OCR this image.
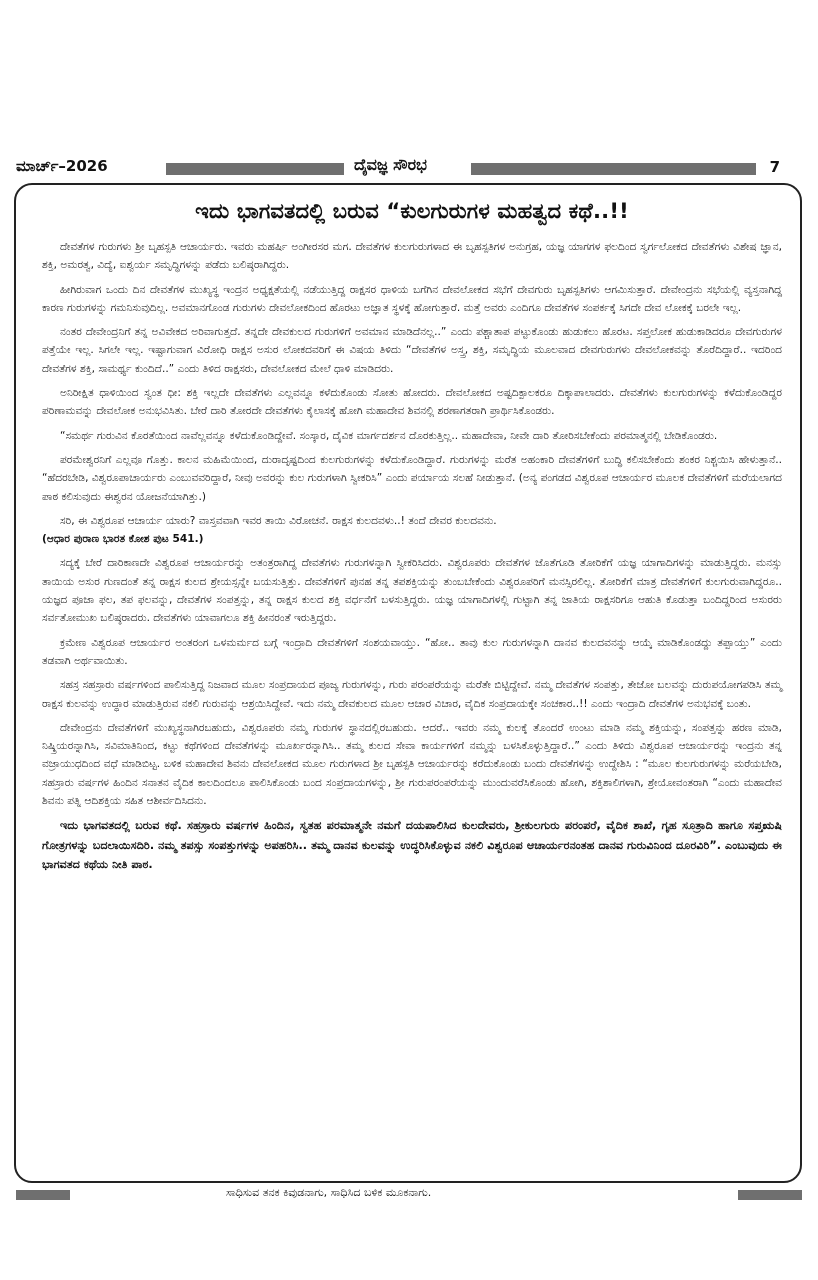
ಮಾರ್ಚ್–2026	ದೈವಜ್ಞ ಸೌರಭ	7
ಇದು ಭಾಗವತದಲ್ಲಿ ಬರುವ “ಕುಲಗುರುಗಳ ಮಹತ್ವದ ಕಥೆ..!!

ದೇವತೆಗಳ ಗುರುಗಳು ಶ್ರೀ ಬೃಹಸ್ಪತಿ ಆಚಾರ್ಯರು. ಇವರು ಮಹರ್ಷಿ ಅಂಗೀರಸರ ಮಗ. ದೇವತೆಗಳ ಕುಲಗುರುಗಳಾದ ಈ ಬೃಹಸ್ಪತಿಗಳ ಅನುಗ್ರಹ, ಯಜ್ಞ ಯಾಗಗಳ ಫಲದಿಂದ ಸ್ವರ್ಗಲೋಕದ ದೇವತೆಗಳು ವಿಶೇಷ ಜ್ಞಾನ, ಶಕ್ತಿ, ಅಮರತ್ವ, ವಿದ್ಯೆ, ಐಶ್ವರ್ಯ ಸಮೃದ್ಧಿಗಳನ್ನು ಪಡೆದು ಬಲಿಷ್ಠರಾಗಿದ್ದರು.

ಹೀಗಿರುವಾಗ ಒಂದು ದಿನ ದೇವತೆಗಳ ಮುಖ್ಯಸ್ಥ ಇಂದ್ರನ ಅಧ್ಯಕ್ಷತೆಯಲ್ಲಿ ನಡೆಯುತ್ತಿದ್ದ ರಾಕ್ಷಸರ ಧಾಳಿಯ ಬಗೆಗಿನ ದೇವಲೋಕದ ಸಭೆಗೆ ದೇವಗುರು ಬೃಹಸ್ಪತಿಗಳು ಆಗಮಿಸುತ್ತಾರೆ. ದೇವೇಂದ್ರನು ಸಭೆಯಲ್ಲಿ ವ್ಯಸ್ತನಾಗಿದ್ದ ಕಾರಣ ಗುರುಗಳನ್ನು ಗಮನಿಸುವುದಿಲ್ಲ. ಅವಮಾನಗೊಂಡ ಗುರುಗಳು ದೇವಲೋಕದಿಂದ ಹೊರಟು ಅಜ್ಞಾತ ಸ್ಥಳಕ್ಕೆ ಹೋಗುತ್ತಾರೆ. ಮತ್ತೆ ಅವರು ಎಂದಿಗೂ ದೇವತೆಗಳ ಸಂಪರ್ಕಕ್ಕೆ ಸಿಗದೇ ದೇವ ಲೋಕಕ್ಕೆ ಬರಲೇ ಇಲ್ಲ.

ನಂತರ ದೇವೇಂದ್ರನಿಗೆ ತನ್ನ ಅವಿವೇಕದ ಅರಿವಾಗುತ್ತದೆ. ತನ್ನದೇ ದೇವಕುಲದ ಗುರುಗಳಿಗೆ ಅವಮಾನ ಮಾಡಿದೆನಲ್ಲ..” ಎಂದು ಪಶ್ಚಾತಾಪ ಪಟ್ಟುಕೊಂಡು ಹುಡುಕಲು ಹೊರಟ. ಸಪ್ತಲೋಕ ಹುಡುಕಾಡಿದರೂ ದೇವಗುರುಗಳ ಪತ್ತೆಯೇ ಇಲ್ಲ. ಸಿಗಲೇ ಇಲ್ಲ. ಇಷ್ಟಾಗುವಾಗ ವಿರೋಧಿ ರಾಕ್ಷಸ ಅಸುರ ಲೋಕದವರಿಗೆ ಈ ವಿಷಯ ತಿಳಿದು “ದೇವತೆಗಳ ಅಸ್ತ್ರ, ಶಕ್ತಿ, ಸಮೃದ್ಧಿಯ ಮೂಲವಾದ ದೇವಗುರುಗಳು ದೇವಲೋಕವನ್ನು ತೊರೆದಿದ್ದಾರೆ.. ಇದರಿಂದ ದೇವತೆಗಳ ಶಕ್ತಿ, ಸಾಮರ್ಥ್ಯ ಕುಂದಿದೆ..” ಎಂದು ತಿಳಿದ ರಾಕ್ಷಸರು, ದೇವಲೋಕದ ಮೇಲೆ ಧಾಳಿ ಮಾಡಿದರು.

ಅನಿರೀಕ್ಷಿತ ಧಾಳಿಯಿಂದ ಸ್ವಂತ ಧೀ: ಶಕ್ತಿ ಇಲ್ಲದೇ ದೇವತೆಗಳು ಎಲ್ಲವನ್ನೂ ಕಳೆದುಕೊಂಡು ಸೋತು ಹೋದರು. ದೇವಲೋಕದ ಅಷ್ಟದಿಕ್ಪಾಲಕರೂ ದಿಕ್ಕಾಪಾಲಾದರು. ದೇವತೆಗಳು ಕುಲಗುರುಗಳನ್ನು ಕಳೆದುಕೊಂಡಿದ್ದರ ಪರಿಣಾಮವನ್ನು ದೇವಲೋಕ ಅನುಭವಿಸಿತು. ಬೇರೆ ದಾರಿ ತೋರದೇ ದೇವತೆಗಳು ಕೈಲಾಸಕ್ಕೆ ಹೋಗಿ ಮಹಾದೇವ ಶಿವನಲ್ಲಿ ಶರಣಾಗತರಾಗಿ ಪ್ರಾರ್ಥಿಸಿಕೊಂಡರು.

“ಸಮರ್ಥ ಗುರುವಿನ ಕೊರತೆಯಿಂದ ನಾವೆಲ್ಲವನ್ನೂ ಕಳೆದುಕೊಂಡಿದ್ದೇವೆ. ಸಂಸ್ಕಾರ, ದೈವಿಕ ಮಾರ್ಗದರ್ಶನ ದೊರಕುತ್ತಿಲ್ಲ.. ಮಹಾದೇವಾ, ನೀವೇ ದಾರಿ ತೋರಿಸಬೇಕೆಂದು ಪರಮಾತ್ಮನಲ್ಲಿ ಬೇಡಿಕೊಂಡರು.

ಪರಮೇಶ್ವರನಿಗೆ ಎಲ್ಲವೂ ಗೊತ್ತು. ಕಾಲನ ಮಹಿಮೆಯಿಂದ, ದುರಾದೃಷ್ಟದಿಂದ ಕುಲಗುರುಗಳನ್ನು ಕಳೆದುಕೊಂಡಿದ್ದಾರೆ. ಗುರುಗಳನ್ನು ಮರೆತ ಅಹಂಕಾರಿ ದೇವತೆಗಳಿಗೆ ಬುದ್ಧಿ ಕಲಿಸಬೇಕೆಂದು ಶಂಕರ ನಿಶ್ಚಯಿಸಿ ಹೇಳುತ್ತಾನೆ.. “ಹೆದರಬೇಡಿ, ವಿಶ್ವರೂಪಾಚಾರ್ಯರು ಎಂಬುವವರಿದ್ದಾರೆ, ನೀವು ಅವರನ್ನು ಕುಲ ಗುರುಗಳಾಗಿ ಸ್ವೀಕರಿಸಿ” ಎಂದು ಪರ್ಯಾಯ ಸಲಹೆ ನೀಡುತ್ತಾನೆ. (ಅನ್ಯ ಪಂಗಡದ ವಿಶ್ವರೂಪ ಆಚಾರ್ಯರ ಮೂಲಕ ದೇವತೆಗಳಿಗೆ ಮರೆಯಲಾಗದ ಪಾಠ ಕಲಿಸುವುದು ಈಶ್ವರನ ಯೋಜನೆಯಾಗಿತ್ತು.)

ಸರಿ, ಈ ವಿಶ್ವರೂಪ ಆಚಾರ್ಯ ಯಾರು? ವಾಸ್ತವವಾಗಿ ಇವರ ತಾಯಿ ವಿರೋಚನೆ. ರಾಕ್ಷಸ ಕುಲದವಳು..! ತಂದೆ ದೇವರ ಕುಲದವನು.

(ಆಧಾರ ಪುರಾಣ ಭಾರತ ಕೋಶ ಪುಟ 541.)

ಸದ್ಯಕ್ಕೆ ಬೇರೆ ದಾರಿಕಾಣದೇ ವಿಶ್ವರೂಪ ಆಚಾರ್ಯರನ್ನು ಅತಂತ್ರರಾಗಿದ್ದ ದೇವತೆಗಳು ಗುರುಗಳನ್ನಾಗಿ ಸ್ವೀಕರಿಸಿದರು. ವಿಶ್ವರೂಪರು ದೇವತೆಗಳ ಜೊತೆಗೂಡಿ ತೋರಿಕೆಗೆ ಯಜ್ಞ ಯಾಗಾದಿಗಳನ್ನು ಮಾಡುತ್ತಿದ್ದರು. ಮನಸ್ಸು ತಾಯಿಯ ಅಸುರ ಗುಣದಂತೆ ತನ್ನ ರಾಕ್ಷಸ ಕುಲದ ಶ್ರೇಯಸ್ಸನ್ನೇ ಬಯಸುತ್ತಿತ್ತು. ದೇವತೆಗಳಿಗೆ ಪುನಹ ತನ್ನ ತಪಶಕ್ತಿಯನ್ನು ತುಂಬಬೇಕೆಂದು ವಿಶ್ವರೂಪರಿಗೆ ಮನಸ್ಸಿರಲಿಲ್ಲ. ತೋರಿಕೆಗೆ ಮಾತ್ರ ದೇವತೆಗಳಿಗೆ ಕುಲಗುರುವಾಗಿದ್ದರೂ.. ಯಜ್ಞದ ಪೂಜಾ ಫಲ, ತಪ ಫಲವನ್ನು, ದೇವತೆಗಳ ಸಂಪತ್ತನ್ನು, ತನ್ನ ರಾಕ್ಷಸ ಕುಲದ ಶಕ್ತಿ ವರ್ಧನೆಗೆ ಬಳಸುತ್ತಿದ್ದರು. ಯಜ್ಞ ಯಾಗಾದಿಗಳಲ್ಲಿ ಗುಟ್ಟಾಗಿ ತನ್ನ ಜಾತಿಯ ರಾಕ್ಷಸರಿಗೂ ಆಹುತಿ ಕೊಡುತ್ತಾ ಬಂದಿದ್ದರಿಂದ ಅಸುರರು ಸರ್ವತೋಮುಖ ಬಲಿಷ್ಠರಾದರು. ದೇವತೆಗಳು ಯಾವಾಗಲೂ ಶಕ್ತಿ ಹೀನರಂತೆ ಇರುತ್ತಿದ್ದರು.

ಕ್ರಮೇಣ ವಿಶ್ವರೂಪ ಆಚಾರ್ಯರ ಅಂತರಂಗ ಒಳಮರ್ಮದ ಬಗ್ಗೆ ಇಂದ್ರಾದಿ ದೇವತೆಗಳಿಗೆ ಸಂಶಯವಾಯ್ತು. “ಹೋ.. ತಾವು ಕುಲ ಗುರುಗಳನ್ನಾಗಿ ದಾನವ ಕುಲದವನನ್ನು ಆಯ್ಕೆ ಮಾಡಿಕೊಂಡದ್ದು ತಪ್ಪಾಯ್ತು” ಎಂದು ತಡವಾಗಿ ಅರ್ಥವಾಯಿತು.

ಸಹಸ್ರ ಸಹಸ್ರಾರು ವರ್ಷಗಳಿಂದ ಪಾಲಿಸುತ್ತಿದ್ದ ನಿಜವಾದ ಮೂಲ ಸಂಪ್ರದಾಯದ ಪೂಜ್ಯ ಗುರುಗಳನ್ನು, ಗುರು ಪರಂಪರೆಯನ್ನು ಮರೆತೇ ಬಿಟ್ಟಿದ್ದೇವೆ. ನಮ್ಮ ದೇವತೆಗಳ ಸಂಪತ್ತು, ತೇಜೋ ಬಲವನ್ನು ದುರುಪಯೋಗಪಡಿಸಿ ತಮ್ಮ ರಾಕ್ಷಸ ಕುಲವನ್ನು ಉದ್ಧಾರ ಮಾಡುತ್ತಿರುವ ನಕಲಿ ಗುರುವನ್ನು ಆಶ್ರಯಿಸಿದ್ದೇವೆ. ಇದು ನಮ್ಮ ದೇವಕುಲದ ಮೂಲ ಆಚಾರ ವಿಚಾರ, ವೈದಿಕ ಸಂಪ್ರದಾಯಕ್ಕೇ ಸಂಚಕಾರ..!! ಎಂದು ಇಂದ್ರಾದಿ ದೇವತೆಗಳ ಅನುಭವಕ್ಕೆ ಬಂತು.

ದೇವೇಂದ್ರನು ದೇವತೆಗಳಿಗೆ ಮುಖ್ಯಸ್ಥನಾಗಿರಬಹುದು, ವಿಶ್ವರೂಪರು ನಮ್ಮ ಗುರುಗಳ ಸ್ಥಾನದಲ್ಲಿರಬಹುದು. ಆದರೆ.. ಇವರು ನಮ್ಮ ಕುಲಕ್ಕೆ ತೊಂದರೆ ಉಂಟು ಮಾಡಿ ನಮ್ಮ ಶಕ್ತಿಯನ್ನು, ಸಂಪತ್ತನ್ನು ಹರಣ ಮಾಡಿ, ನಿಷ್ಕ್ರಿಯರನ್ನಾಗಿಸಿ, ಸವಿಮಾತಿನಿಂದ, ಕಟ್ಟು ಕಥೆಗಳಿಂದ ದೇವತೆಗಳನ್ನು ಮೂರ್ಖರನ್ನಾಗಿಸಿ.. ತಮ್ಮ ಕುಲದ ಸೇವಾ ಕಾರ್ಯಗಳಿಗೆ ನಮ್ಮನ್ನು ಬಳಸಿಕೊಳ್ಳುತ್ತಿದ್ದಾರೆ..” ಎಂದು ತಿಳಿದು ವಿಶ್ವರೂಪ ಆಚಾರ್ಯರನ್ನು ಇಂದ್ರನು ತನ್ನ ವಜ್ರಾಯುಧದಿಂದ ವಧೆ ಮಾಡಿಬಿಟ್ಟ. ಬಳಿಕ ಮಹಾದೇವ ಶಿವನು ದೇವಲೋಕದ ಮೂಲ ಗುರುಗಳಾದ ಶ್ರೀ ಬೃಹಸ್ಪತಿ ಆಚಾರ್ಯರನ್ನು ಕರೆದುಕೊಂಡು ಬಂದು ದೇವತೆಗಳನ್ನು ಉದ್ದೇಶಿಸಿ : “ಮೂಲ ಕುಲಗುರುಗಳನ್ನು ಮರೆಯಬೇಡಿ, ಸಹಸ್ರಾರು ವರ್ಷಗಳ ಹಿಂದಿನ ಸನಾತನ ವೈದಿಕ ಕಾಲದಿಂದಲೂ ಪಾಲಿಸಿಕೊಂಡು ಬಂದ ಸಂಪ್ರದಾಯಗಳನ್ನು, ಶ್ರೀ ಗುರುಪರಂಪರೆಯನ್ನು ಮುಂದುವರೆಸಿಕೊಂಡು ಹೋಗಿ, ಶಕ್ತಿಶಾಲಿಗಳಾಗಿ, ಶ್ರೇಯೋವಂತರಾಗಿ “ಎಂದು ಮಹಾದೇವ ಶಿವನು ಪತ್ನಿ ಆದಿಶಕ್ತಿಯ ಸಹಿತ ಆಶೀರ್ವದಿಸಿದನು.

ಇದು ಭಾಗವತದಲ್ಲಿ ಬರುವ ಕಥೆ. ಸಹಸ್ರಾರು ವರ್ಷಗಳ ಹಿಂದಿನ, ಸ್ವತಹ ಪರಮಾತ್ಮನೇ ನಮಗೆ ದಯಪಾಲಿಸಿದ ಕುಲದೇವರು, ಶ್ರೀಕುಲಗುರು ಪರಂಪರೆ, ವೈದಿಕ ಶಾಖೆ, ಗೃಹ ಸೂತ್ರಾದಿ ಹಾಗೂ ಸಪ್ತಋಷಿ ಗೋತ್ರಗಳನ್ನು ಬದಲಾಯಿಸದಿರಿ. ನಮ್ಮ ತಪಸ್ಸು ಸಂಪತ್ತುಗಳನ್ನು ಅಪಹರಿಸಿ.. ತಮ್ಮ ದಾನವ ಕುಲವನ್ನು ಉದ್ಧರಿಸಿಕೊಳ್ಳುವ ನಕಲಿ ವಿಶ್ವರೂಪ ಆಚಾರ್ಯರನಂತಹ ದಾನವ ಗುರುವಿನಿಂದ ದೂರವಿರಿ”. ಎಂಬುವುದು ಈ ಭಾಗವತದ ಕಥೆಯ ನೀತಿ ಪಾಠ.

ಸಾಧಿಸುವ ತನಕ ಕಿವುಡನಾಗು, ಸಾಧಿಸಿದ ಬಳಿಕ ಮೂಕನಾಗು.
